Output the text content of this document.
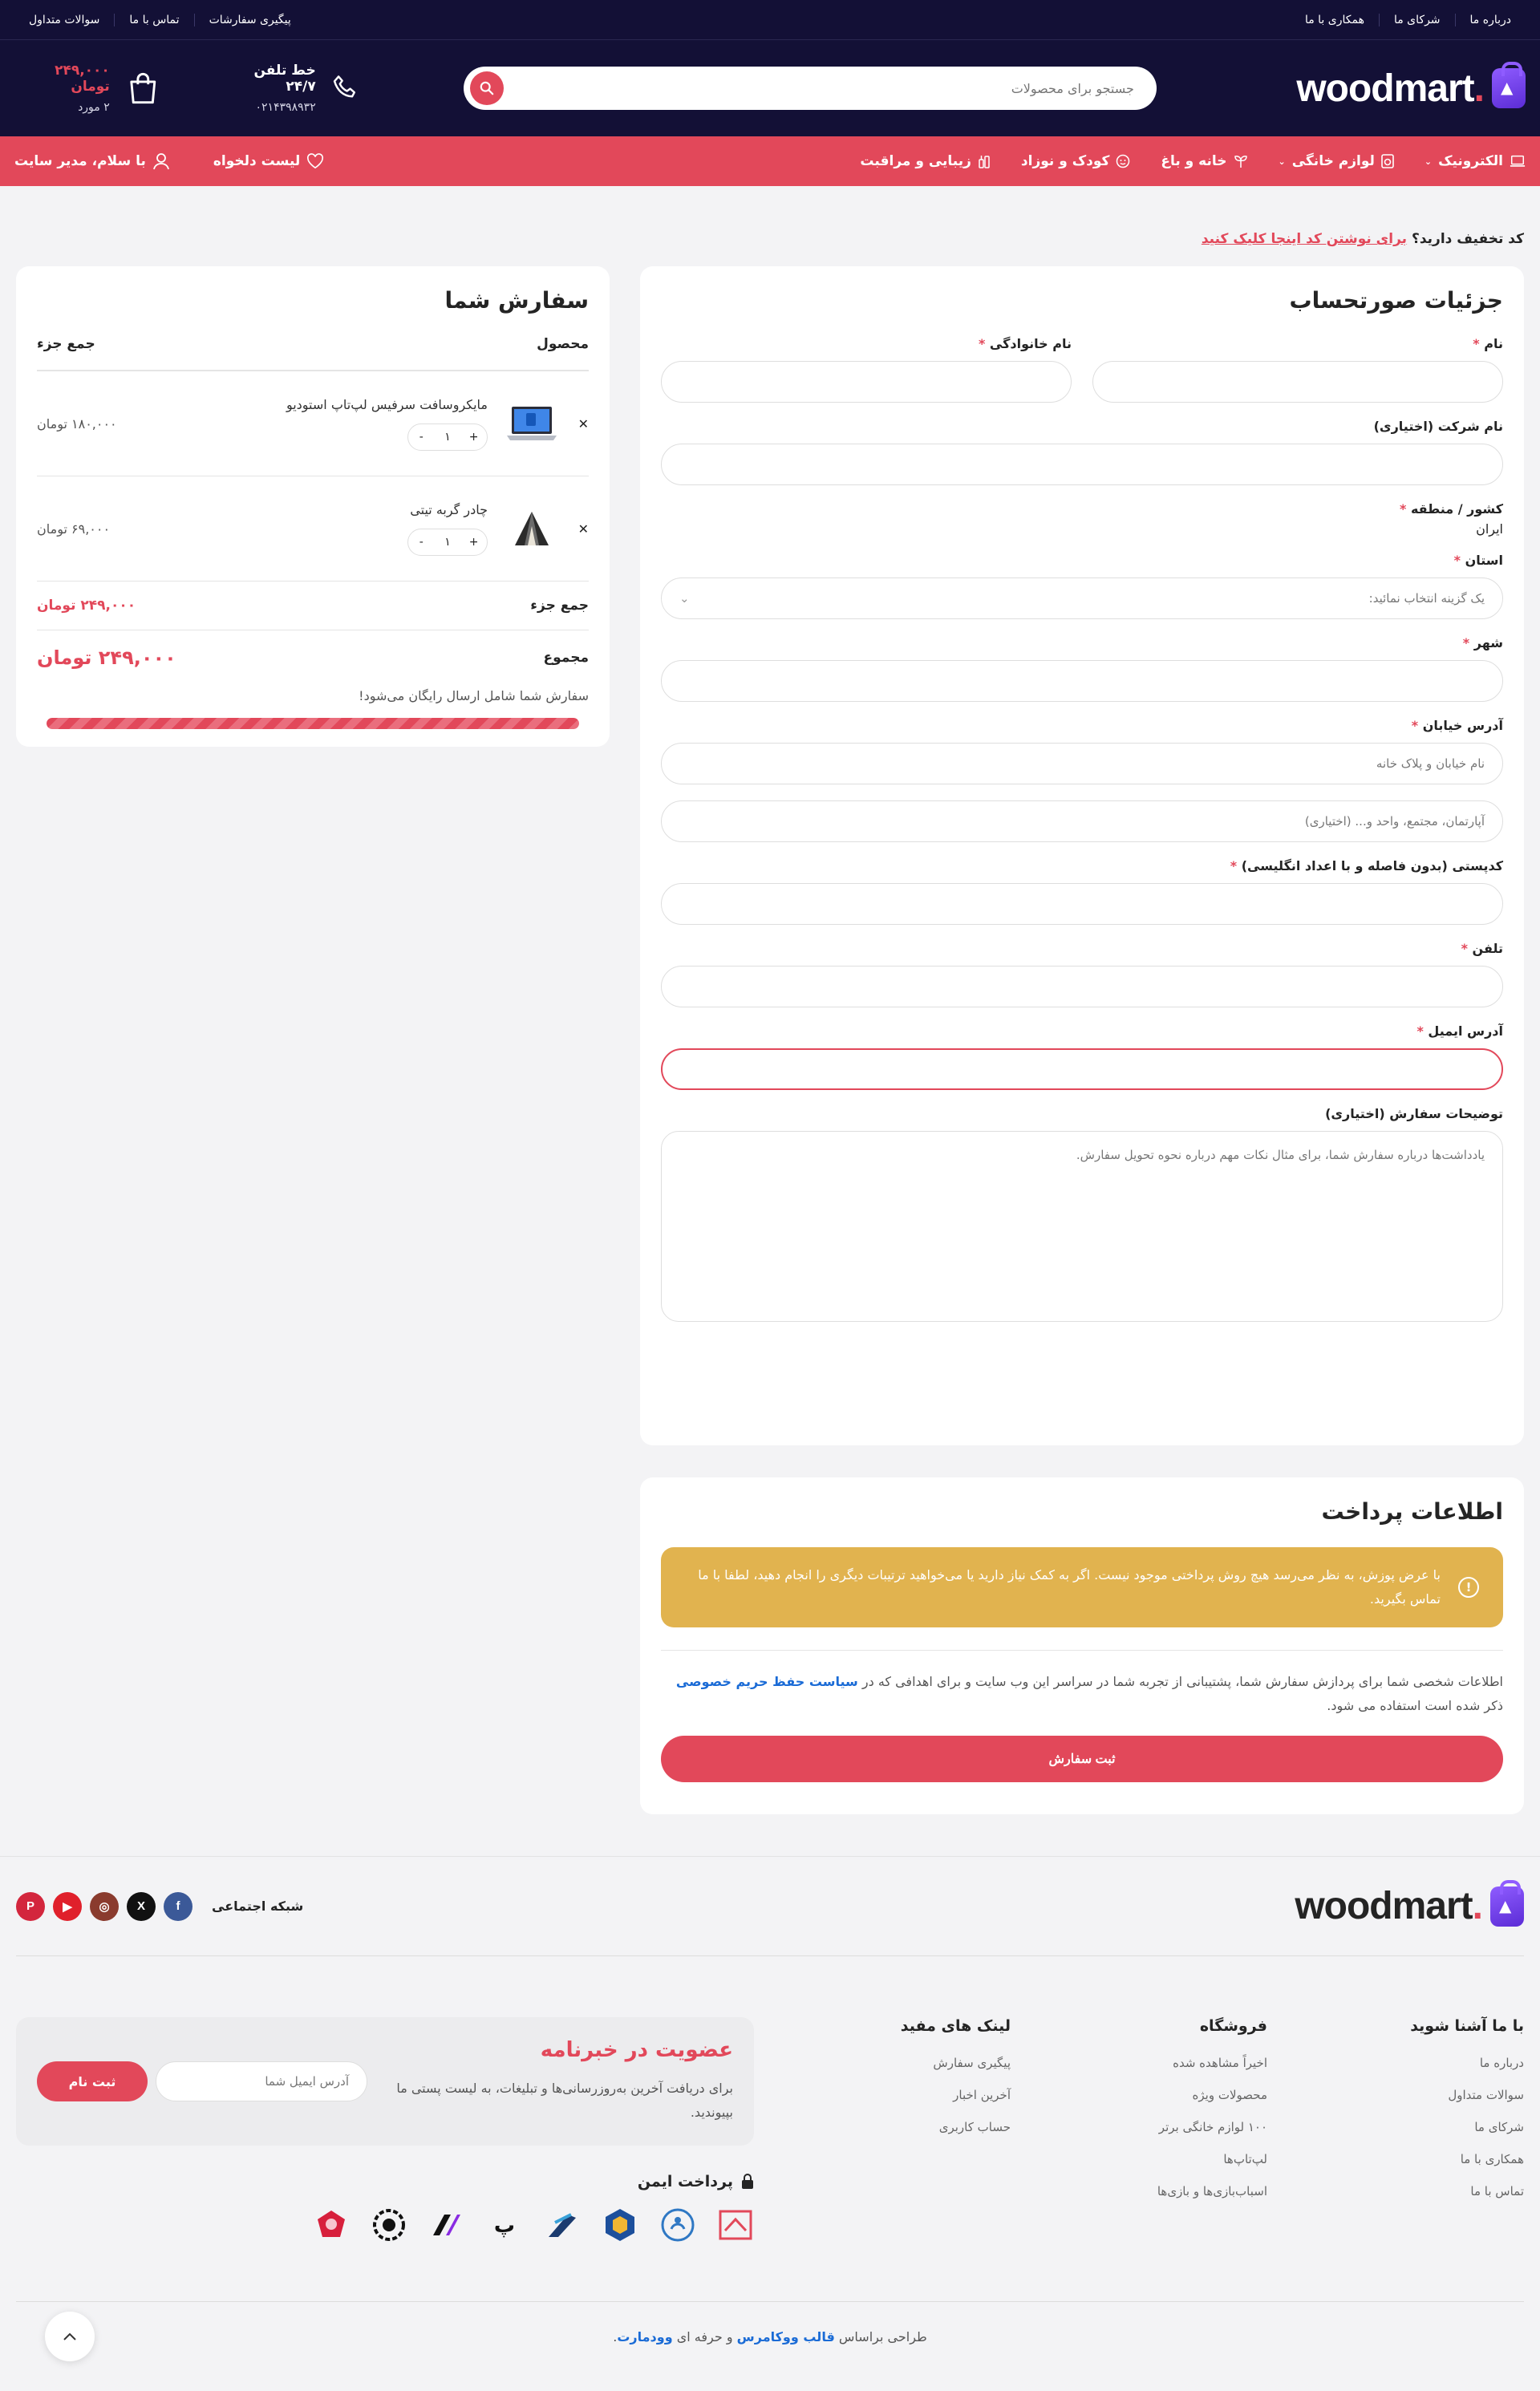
درباره ما
شرکای ما
همکاری با ما
پیگیری سفارشات
تماس با ما
سوالات متداول
▲
woodmart.
جستجو برای محصولات
خط تلفن ۲۴/۷
۰۲۱۴۳۹۸۹۳۲
۲۴۹,۰۰۰ تومان
۲ مورد
الکترونیک
⌄
لوازم خانگی
⌄
خانه و باغ
کودک و نوزاد
زیبایی و مراقبت
لیست دلخواه
با سلام، مدیر سایت
کد تخفیف دارید؟ برای نوشتن کد اینجا کلیک کنید
جزئیات صورتحساب
نام *
نام خانوادگی *
نام شرکت (اختیاری)
کشور / منطقه *
ایران
استان *
یک گزینه انتخاب نمائید:
⌄
شهر *
آدرس خیابان *
نام خیابان و پلاک خانه
آپارتمان، مجتمع، واحد و... (اختیاری)
کدپستی (بدون فاصله و با اعداد انگلیسی) *
تلفن *
آدرس ایمیل *
توضیحات سفارش (اختیاری)
یادداشت‌ها درباره سفارش شما، برای مثال نکات مهم درباره نحوه تحویل سفارش.
اطلاعات پرداخت
!
با عرض پوزش، به نظر می‌رسد هیچ روش پرداختی موجود نیست. اگر به کمک نیاز دارید یا می‌خواهید ترتیبات دیگری را انجام دهید، لطفا با ما تماس بگیرید.

اطلاعات شخصی شما برای پردازش سفارش شما، پشتیبانی از تجربه شما در سراسر این وب سایت و برای اهدافی که در سیاست حفظ حریم خصوصی ذکر شده است استفاده می شود.

ثبت سفارش
سفارش شما
محصول
جمع جزء
✕
مایکروسافت سرفیس لپ‌تاپ استودیو
+
۱
-
۱۸۰,۰۰۰ تومان
✕
چادر گربه تیتی
+
۱
-
۶۹,۰۰۰ تومان
جمع جزء
۲۴۹,۰۰۰ تومان
مجموع
۲۴۹,۰۰۰ تومان
سفارش شما شامل ارسال رایگان می‌شود!
▲
woodmart.
شبکه اجتماعی
f
X
◎
▶
P
با ما آشنا شوید
درباره ما
سوالات متداول
شرکای ما
همکاری با ما
تماس با ما
فروشگاه
اخیراً مشاهده شده
محصولات ویژه
۱۰۰ لوازم خانگی برتر
لپ‌تاپ‌ها
اسباب‌بازی‌ها و بازی‌ها
لینک های مفید
پیگیری سفارش
آخرین اخبار
حساب کاربری
عضویت در خبرنامه

برای دریافت آخرین به‌روزرسانی‌ها و تبلیغات، به لیست پستی ما بپیوندید.

آدرس ایمیل شما
ثبت نام
پرداخت ایمن
پ
طراحی براساس قالب ووکامرس و حرفه ای وودمارت.
